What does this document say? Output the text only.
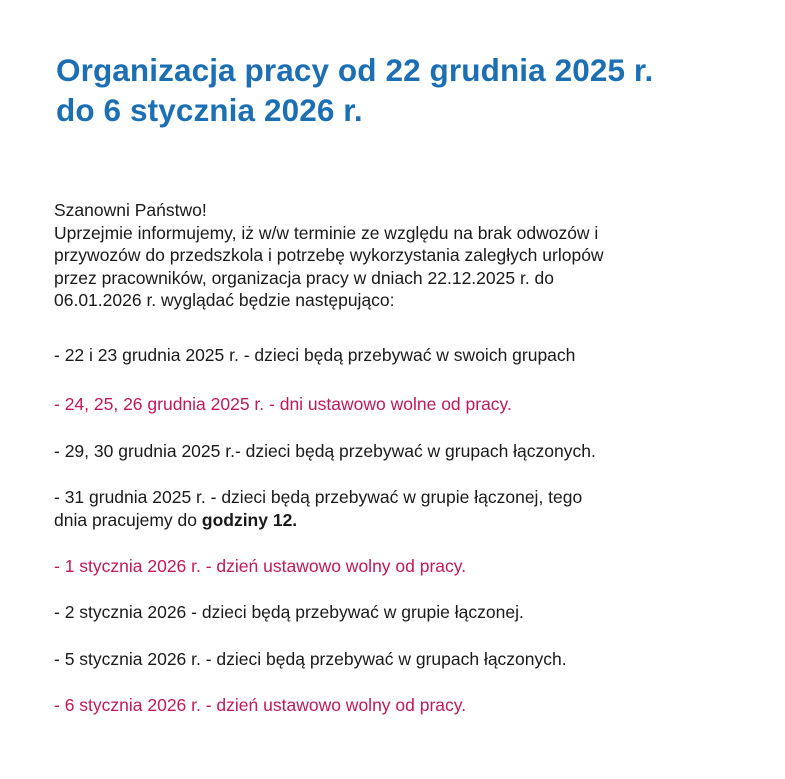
Organizacja pracy od 22 grudnia 2025 r.
do 6 stycznia 2026 r.
Szanowni Państwo!
Uprzejmie informujemy, iż w/w terminie ze względu na brak odwozów i
przywozów do przedszkola i potrzebę wykorzystania zaległych urlopów
przez pracowników, organizacja pracy w dniach 22.12.2025 r. do
06.01.2026 r. wyglądać będzie następująco:
- 22 i 23 grudnia 2025 r. - dzieci będą przebywać w swoich grupach
- 24, 25, 26 grudnia 2025 r. - dni ustawowo wolne od pracy.
- 29, 30 grudnia 2025 r.- dzieci będą przebywać w grupach łączonych.
- 31 grudnia 2025 r. - dzieci będą przebywać w grupie łączonej, tego
dnia pracujemy do godziny 12.
- 1 stycznia 2026 r. - dzień ustawowo wolny od pracy.
- 2 stycznia 2026 - dzieci będą przebywać w grupie łączonej.
- 5 stycznia 2026 r. - dzieci będą przebywać w grupach łączonych.
- 6 stycznia 2026 r. - dzień ustawowo wolny od pracy.
